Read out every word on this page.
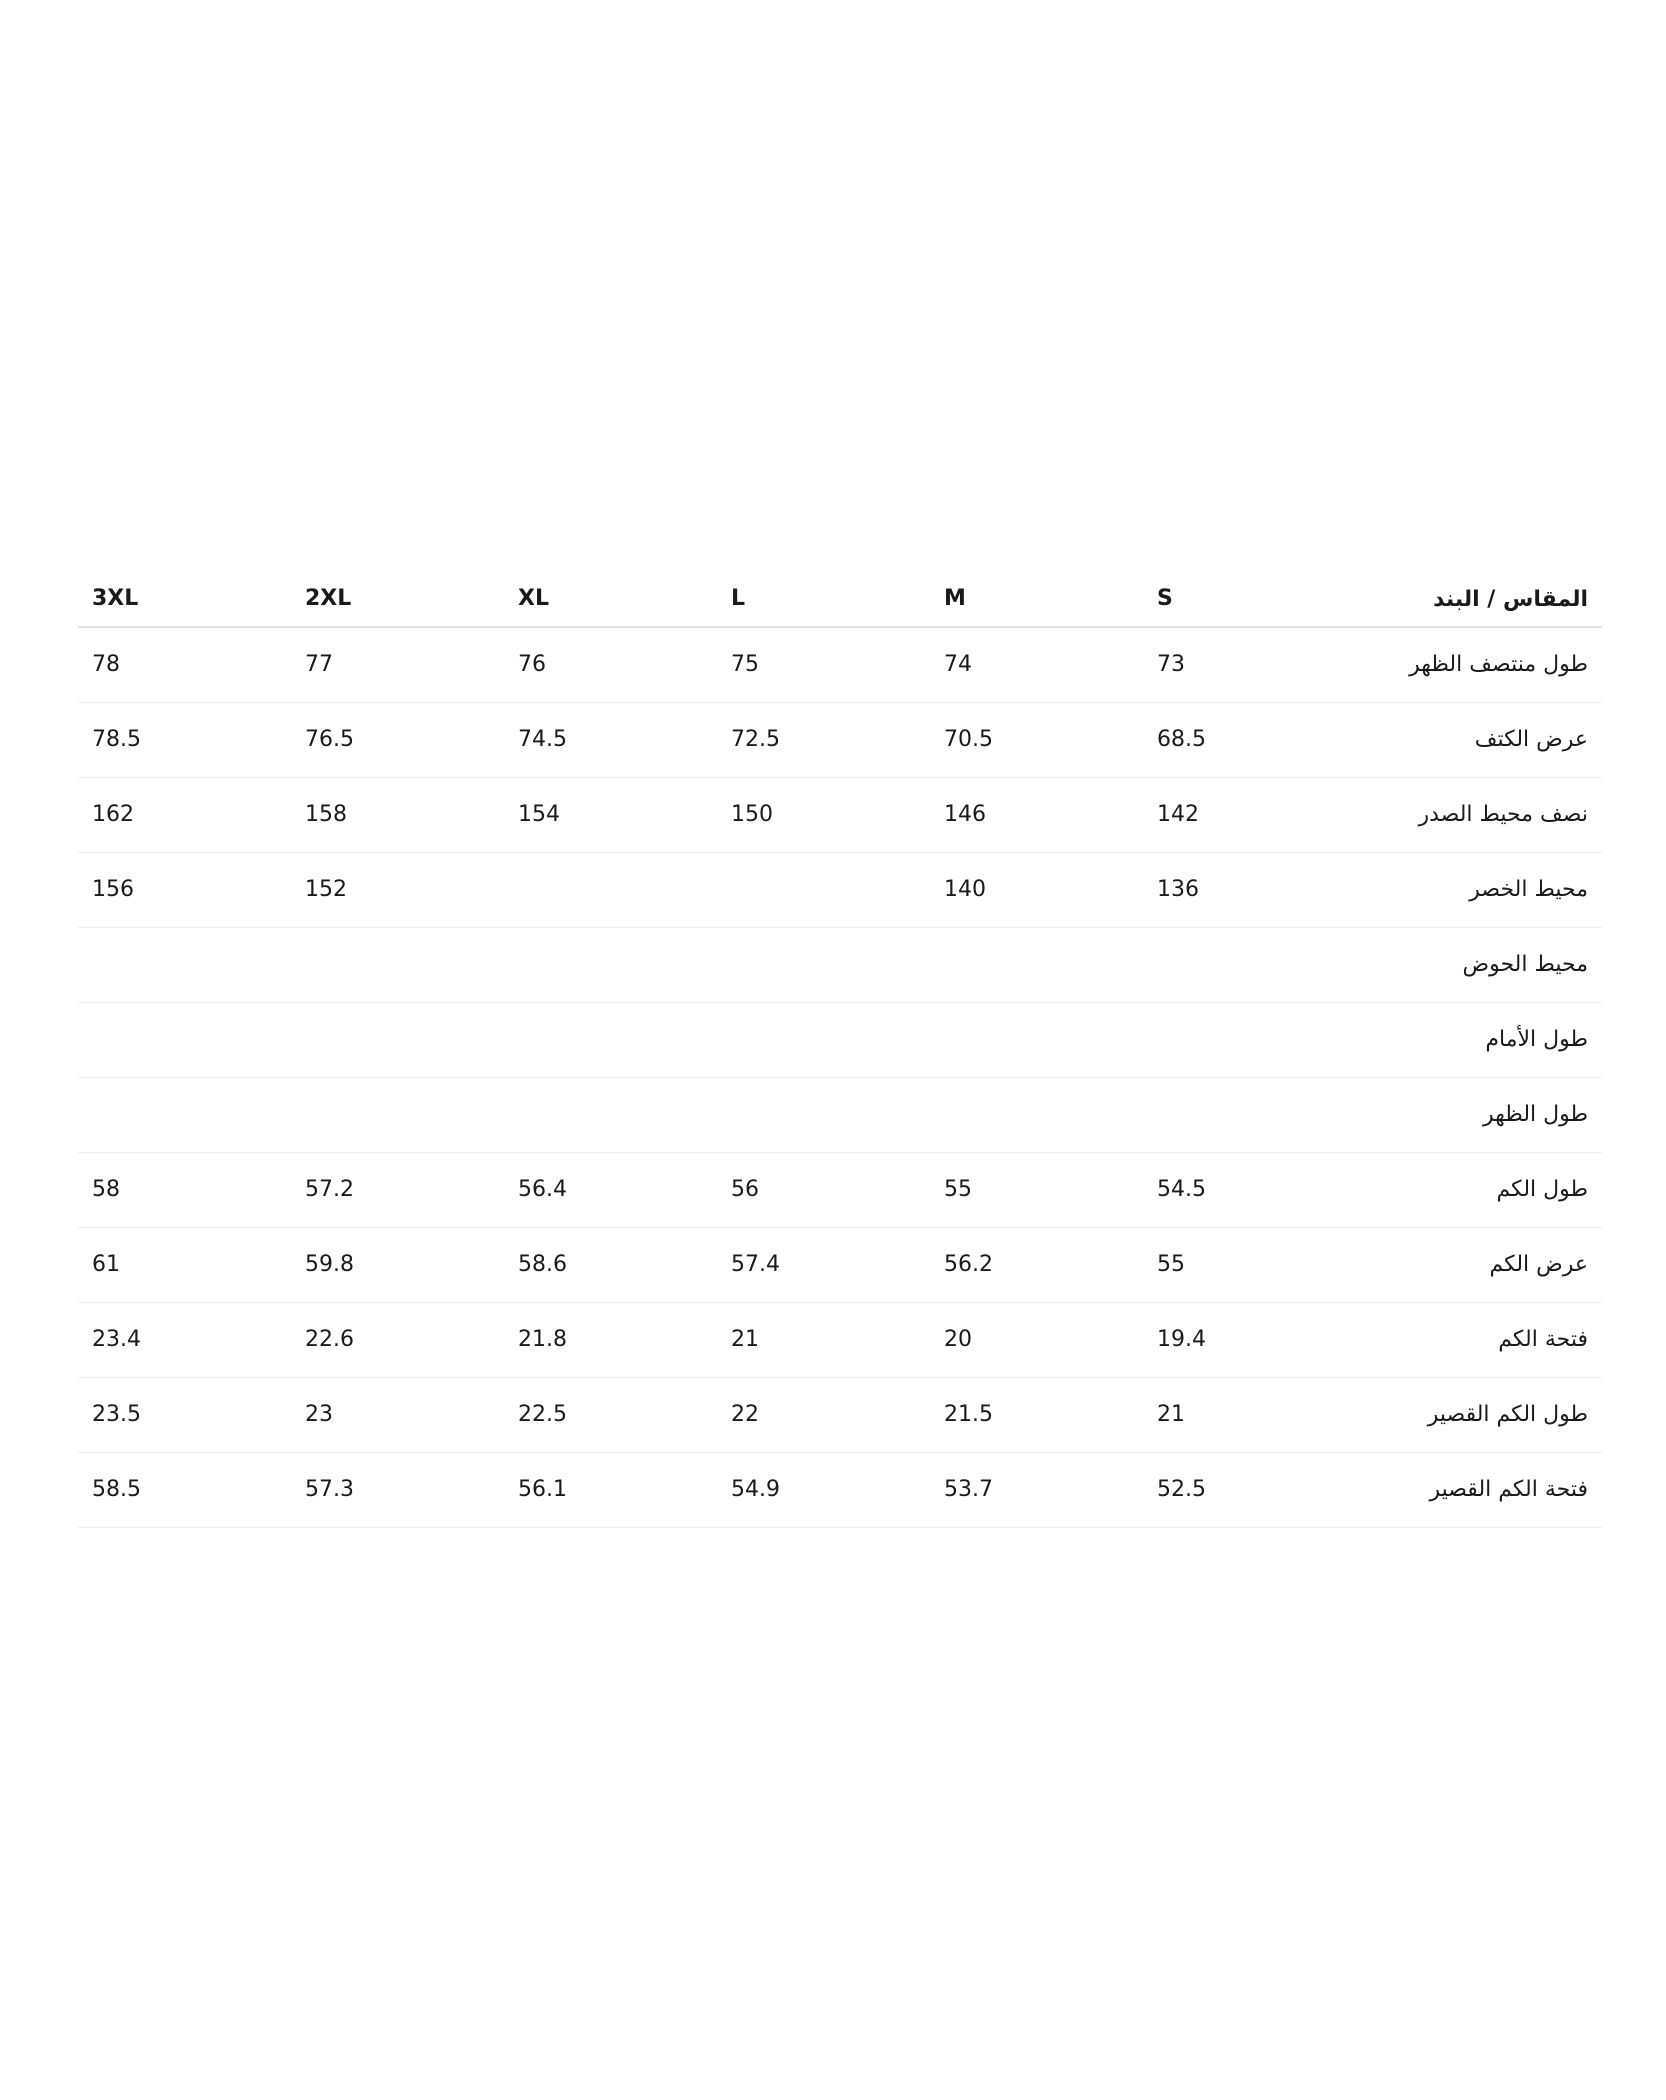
3XL	2XL	XL	L	M	S	المقاس / البند
78	77	76	75	74	73	طول منتصف الظهر
78.5	76.5	74.5	72.5	70.5	68.5	عرض الكتف
162	158	154	150	146	142	نصف محيط الصدر
156	152			140	136	محيط الخصر
						محيط الحوض
						طول الأمام
						طول الظهر
58	57.2	56.4	56	55	54.5	طول الكم
61	59.8	58.6	57.4	56.2	55	عرض الكم
23.4	22.6	21.8	21	20	19.4	فتحة الكم
23.5	23	22.5	22	21.5	21	طول الكم القصير
58.5	57.3	56.1	54.9	53.7	52.5	فتحة الكم القصير
